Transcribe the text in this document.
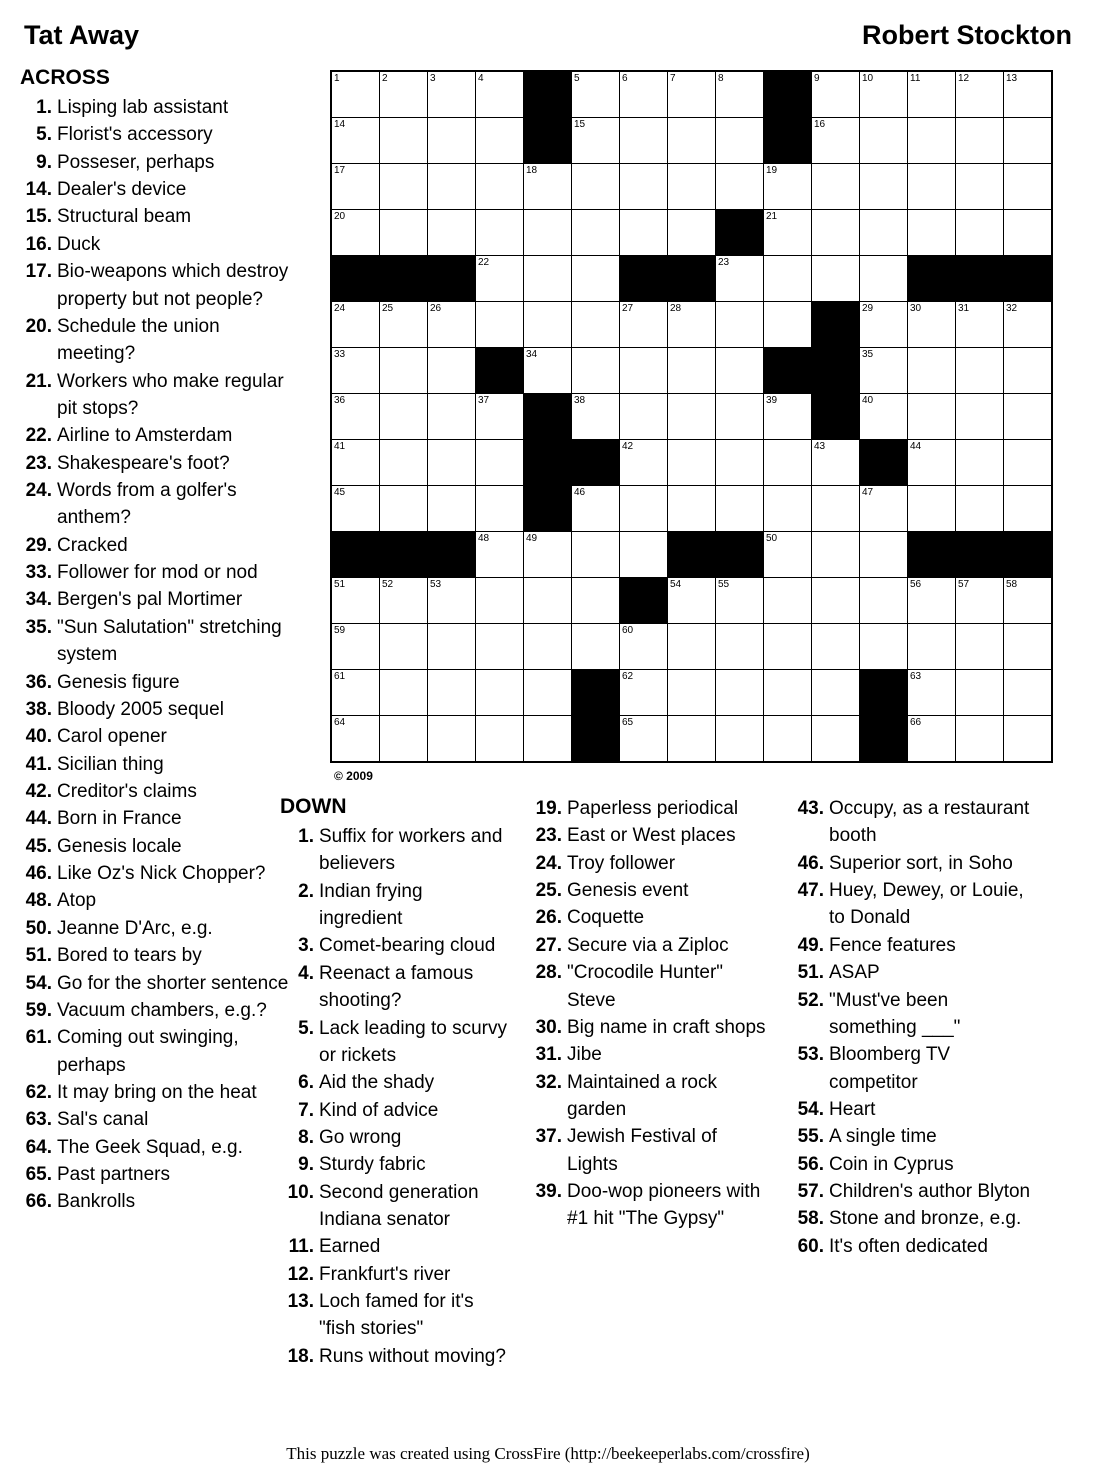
Tat Away	Robert Stockton
ACROSS
1. Lisping lab assistant
5. Florist's accessory
9. Posseser, perhaps
14. Dealer's device
15. Structural beam
16. Duck
17. Bio-weapons which destroy property but not people?
20. Schedule the union meeting?
21. Workers who make regular pit stops?
22. Airline to Amsterdam
23. Shakespeare's foot?
24. Words from a golfer's anthem?
29. Cracked
33. Follower for mod or nod
34. Bergen's pal Mortimer
35. "Sun Salutation" stretching system
36. Genesis figure
38. Bloody 2005 sequel
40. Carol opener
41. Sicilian thing
42. Creditor's claims
44. Born in France
45. Genesis locale
46. Like Oz's Nick Chopper?
48. Atop
50. Jeanne D'Arc, e.g.
51. Bored to tears by
54. Go for the shorter sentence
59. Vacuum chambers, e.g.?
61. Coming out swinging, perhaps
62. It may bring on the heat
63. Sal's canal
64. The Geek Squad, e.g.
65. Past partners
66. Bankrolls
1	2	3	4		5	6	7	8		9	10	11	12	13

14					15					16				

17				18					19					

20									21					

			22					23						

24	25	26				27	28				29	30	31	32

33				34							35			

36			37		38				39		40			

41						42				43		44		

45					46						47			

			48	49					50					

51	52	53					54	55				56	57	58

59						60								

61						62						63		

64						65						66		

© 2009
DOWN
1. Suffix for workers and believers
2. Indian frying ingredient
3. Comet-bearing cloud
4. Reenact a famous shooting?
5. Lack leading to scurvy or rickets
6. Aid the shady
7. Kind of advice
8. Go wrong
9. Sturdy fabric
10. Second generation Indiana senator
11. Earned
12. Frankfurt's river
13. Loch famed for it's "fish stories"
18. Runs without moving?
19. Paperless periodical
23. East or West places
24. Troy follower
25. Genesis event
26. Coquette
27. Secure via a Ziploc
28. "Crocodile Hunter" Steve
30. Big name in craft shops
31. Jibe
32. Maintained a rock garden
37. Jewish Festival of Lights
39. Doo-wop pioneers with #1 hit "The Gypsy"
43. Occupy, as a restaurant booth
46. Superior sort, in Soho
47. Huey, Dewey, or Louie, to Donald
49. Fence features
51. ASAP
52. "Must've been something ___"
53. Bloomberg TV competitor
54. Heart
55. A single time
56. Coin in Cyprus
57. Children's author Blyton
58. Stone and bronze, e.g.
60. It's often dedicated
This puzzle was created using CrossFire (http://beekeeperlabs.com/crossfire)
